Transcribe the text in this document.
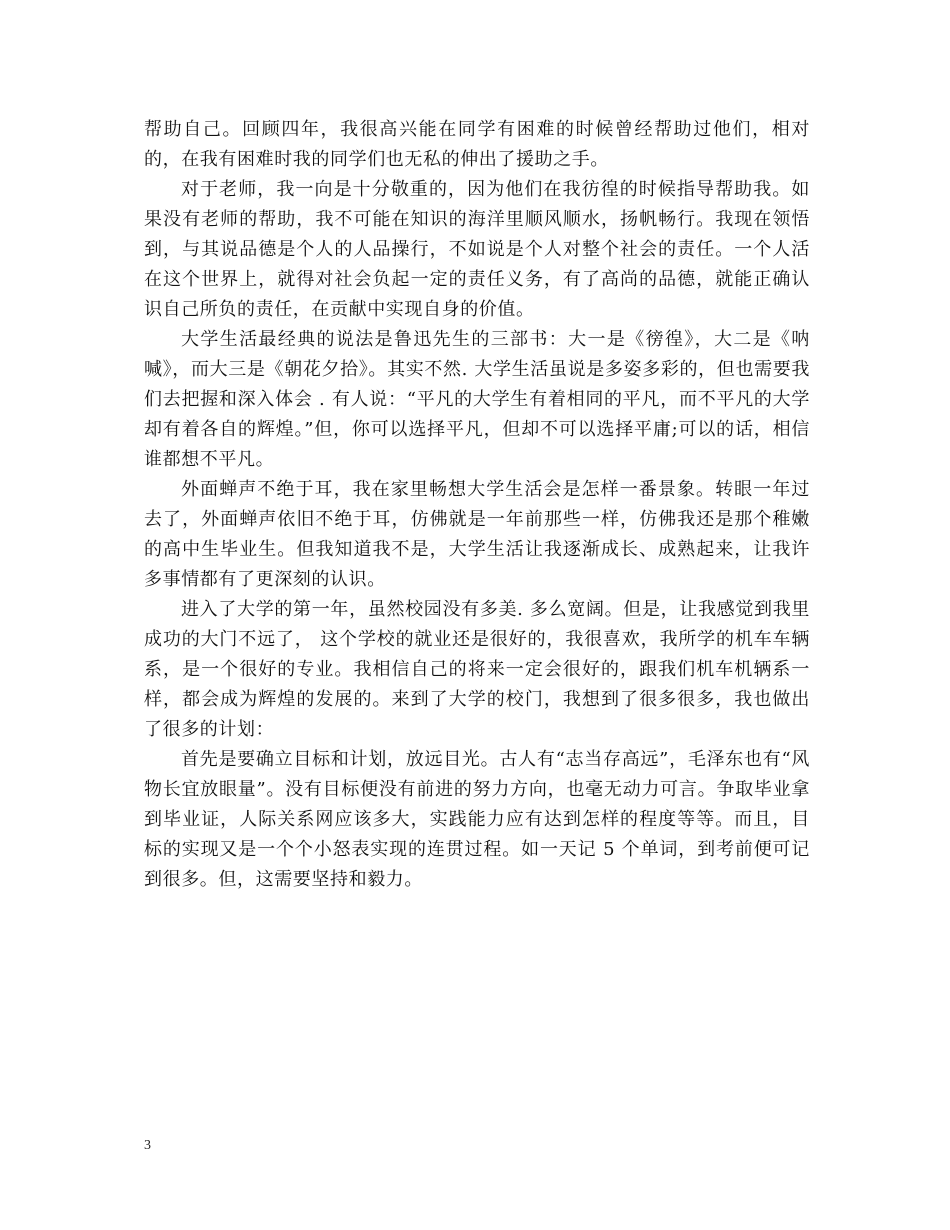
帮助自己。回顾四年，我很高兴能在同学有困难的时候曾经帮助过他们，相对的，在我有困难时我的同学们也无私的伸出了援助之手。

对于老师，我一向是十分敬重的，因为他们在我彷徨的时候指导帮助我。如果没有老师的帮助，我不可能在知识的海洋里顺风顺水，扬帆畅行。我现在领悟到，与其说品德是个人的人品操行，不如说是个人对整个社会的责任。一个人活在这个世界上，就得对社会负起一定的责任义务，有了高尚的品德，就能正确认识自己所负的责任，在贡献中实现自身的价值。

大学生活最经典的说法是鲁迅先生的三部书：大一是《徬徨》，大二是《呐喊》，而大三是《朝花夕拾》。其实不然. 大学生活虽说是多姿多彩的，但也需要我们去把握和深入体会 . 有人说：“平凡的大学生有着相同的平凡，而不平凡的大学却有着各自的辉煌。”但，你可以选择平凡，但却不可以选择平庸;可以的话，相信谁都想不平凡。

外面蝉声不绝于耳，我在家里畅想大学生活会是怎样一番景象。转眼一年过去了，外面蝉声依旧不绝于耳，仿佛就是一年前那些一样，仿佛我还是那个稚嫩的高中生毕业生。但我知道我不是，大学生活让我逐渐成长、成熟起来，让我许多事情都有了更深刻的认识。

进入了大学的第一年，虽然校园没有多美. 多么宽阔。但是，让我感觉到我里成功的大门不远了， 这个学校的就业还是很好的，我很喜欢，我所学的机车车辆系，是一个很好的专业。我相信自己的将来一定会很好的，跟我们机车机辆系一样，都会成为辉煌的发展的。来到了大学的校门，我想到了很多很多，我也做出了很多的计划：

首先是要确立目标和计划，放远目光。古人有“志当存高远”，毛泽东也有“风物长宜放眼量”。没有目标便没有前进的努力方向，也毫无动力可言。争取毕业拿到毕业证，人际关系网应该多大，实践能力应有达到怎样的程度等等。而且，目标的实现又是一个个小怒表实现的连贯过程。如一天记 5 个单词，到考前便可记到很多。但，这需要坚持和毅力。

3
